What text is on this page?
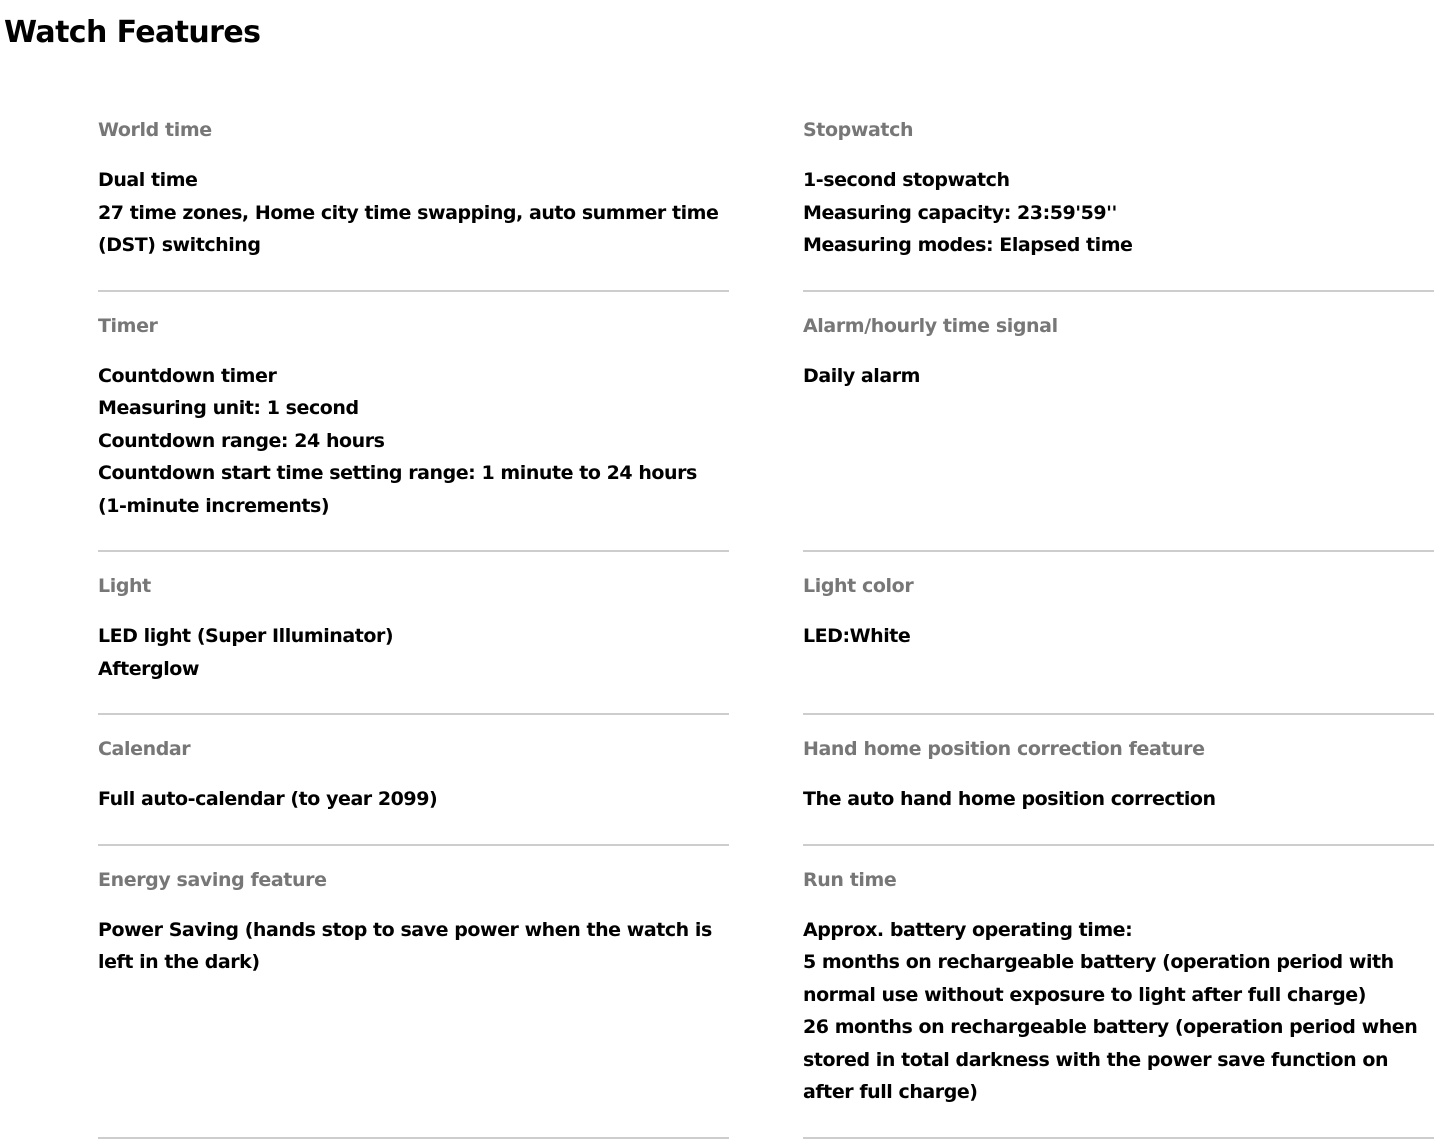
Watch Features
World time
Dual time
27 time zones, Home city time swapping, auto summer time (DST) switching
Stopwatch
1-second stopwatch
Measuring capacity: 23:59'59''
Measuring modes: Elapsed time
Timer
Countdown timer
Measuring unit: 1 second
Countdown range: 24 hours
Countdown start time setting range: 1 minute to 24 hours (1-minute increments)
Alarm/hourly time signal
Daily alarm
Light
LED light (Super Illuminator)
Afterglow
Light color
LED:White
Calendar
Full auto-calendar (to year 2099)
Hand home position correction feature
The auto hand home position correction
Energy saving feature
Power Saving (hands stop to save power when the watch is left in the dark)
Run time
Approx. battery operating time:
5 months on rechargeable battery (operation period with normal use without exposure to light after full charge)
26 months on rechargeable battery (operation period when stored in total darkness with the power save function on after full charge)
